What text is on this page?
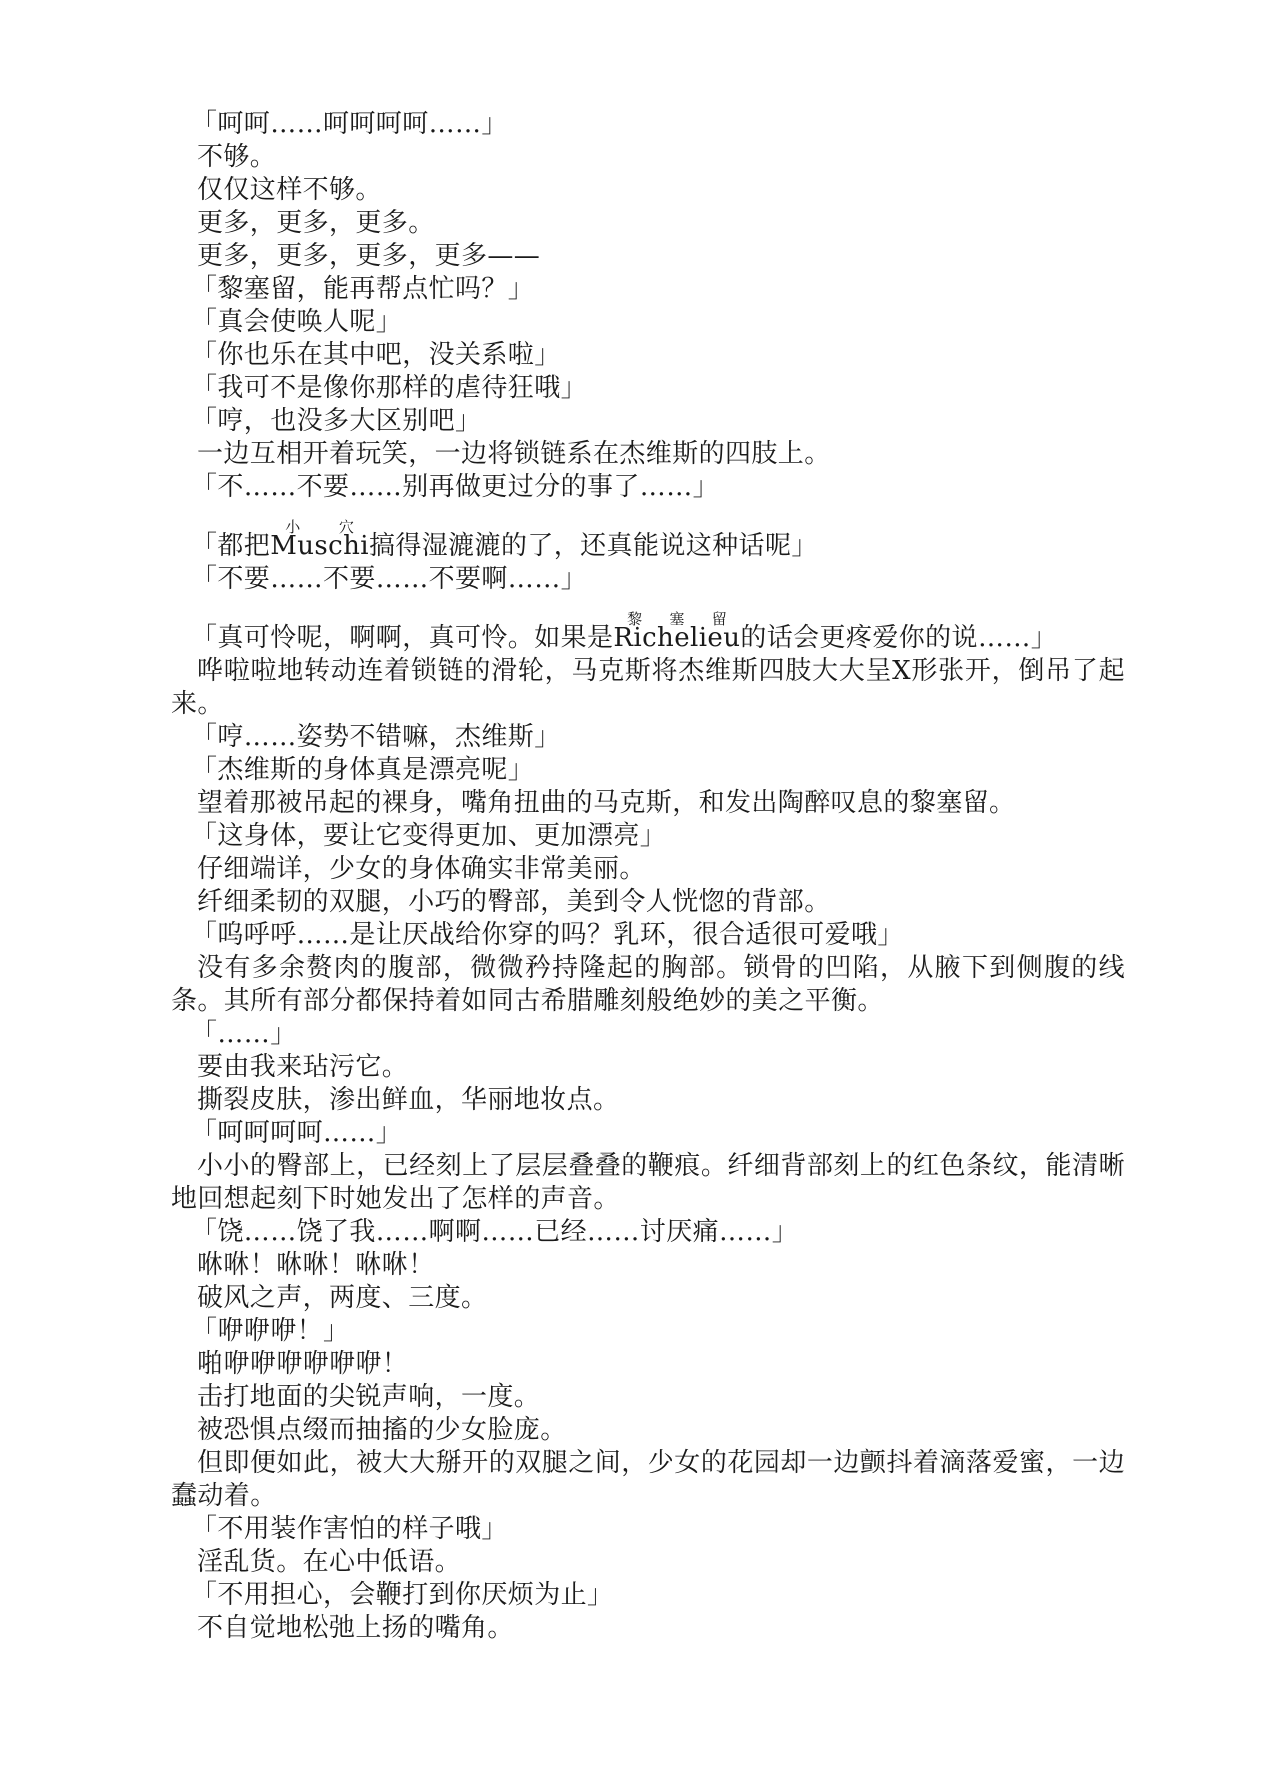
「呵呵……呵呵呵呵……」

不够。

仅仅这样不够。

更多，更多，更多。

更多，更多，更多，更多——

「黎塞留，能再帮点忙吗？」

「真会使唤人呢」

「你也乐在其中吧，没关系啦」

「我可不是像你那样的虐待狂哦」

「哼，也没多大区别吧」

一边互相开着玩笑，一边将锁链系在杰维斯的四肢上。

「不……不要……别再做更过分的事了……」

「都把Muschi小穴搞得湿漉漉的了，还真能说这种话呢」

「不要……不要……不要啊……」

「真可怜呢，啊啊，真可怜。如果是Richelieu黎塞留的话会更疼爱你的说……」

哗啦啦地转动连着锁链的滑轮，马克斯将杰维斯四肢大大呈X形张开，倒吊了起来。

「哼……姿势不错嘛，杰维斯」

「杰维斯的身体真是漂亮呢」

望着那被吊起的裸身，嘴角扭曲的马克斯，和发出陶醉叹息的黎塞留。

「这身体，要让它变得更加、更加漂亮」

仔细端详，少女的身体确实非常美丽。

纤细柔韧的双腿，小巧的臀部，美到令人恍惚的背部。

「呜呼呼……是让厌战给你穿的吗？乳环，很合适很可爱哦」

没有多余赘肉的腹部，微微矜持隆起的胸部。锁骨的凹陷，从腋下到侧腹的线条。其所有部分都保持着如同古希腊雕刻般绝妙的美之平衡。

「……」

要由我来玷污它。

撕裂皮肤，渗出鲜血，华丽地妆点。

「呵呵呵呵……」

小小的臀部上，已经刻上了层层叠叠的鞭痕。纤细背部刻上的红色条纹，能清晰地回想起刻下时她发出了怎样的声音。

「饶……饶了我……啊啊……已经……讨厌痛……」

咻咻！咻咻！咻咻！

破风之声，两度、三度。

「咿咿咿！」

啪咿咿咿咿咿咿！

击打地面的尖锐声响，一度。

被恐惧点缀而抽搐的少女脸庞。

但即便如此，被大大掰开的双腿之间，少女的花园却一边颤抖着滴落爱蜜，一边蠢动着。

「不用装作害怕的样子哦」

淫乱货。在心中低语。

「不用担心，会鞭打到你厌烦为止」

不自觉地松弛上扬的嘴角。
